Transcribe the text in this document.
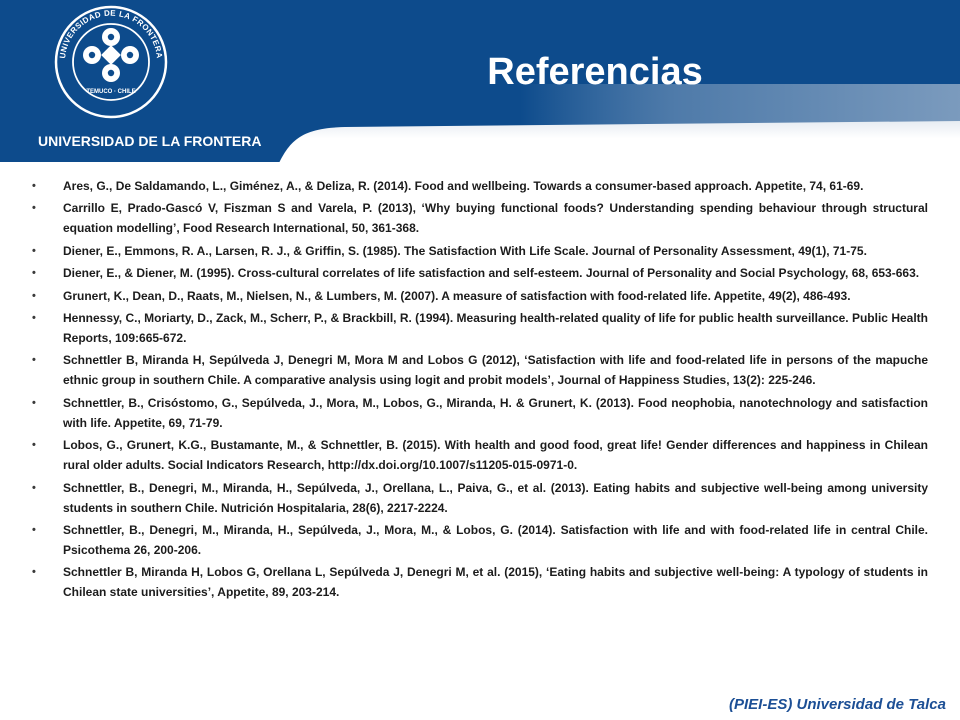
UNIVERSIDAD DE LA FRONTERA
TEMUCO · CHILE	Referencias
UNIVERSIDAD DE LA FRONTERA
•
Ares, G., De Saldamando, L., Giménez, A., & Deliza, R. (2014). Food and wellbeing. Towards a consumer-based approach. Appetite, 74, 61-69.
•
Carrillo E, Prado-Gascó V, Fiszman S and Varela, P. (2013), ‘Why buying functional foods? Understanding spending behaviour through structural equation modelling’, Food Research International, 50, 361-368.
•
Diener, E., Emmons, R. A., Larsen, R. J., & Griffin, S. (1985). The Satisfaction With Life Scale. Journal of Personality Assessment, 49(1), 71-75.
•
Diener, E., & Diener, M. (1995). Cross-cultural correlates of life satisfaction and self-esteem. Journal of Personality and Social Psychology, 68, 653-663.
•
Grunert, K., Dean, D., Raats, M., Nielsen, N., & Lumbers, M. (2007). A measure of satisfaction with food-related life. Appetite, 49(2), 486-493.
•
Hennessy, C., Moriarty, D., Zack, M., Scherr, P., & Brackbill, R. (1994). Measuring health-related quality of life for public health surveillance. Public Health Reports, 109:665-672.
•
Schnettler B, Miranda H, Sepúlveda J, Denegri M, Mora M and Lobos G (2012), ‘Satisfaction with life and food-related life in persons of the mapuche ethnic group in southern Chile. A comparative analysis using logit and probit models’, Journal of Happiness Studies, 13(2): 225-246.
•
Schnettler, B., Crisóstomo, G., Sepúlveda, J., Mora, M., Lobos, G., Miranda, H. & Grunert, K. (2013). Food neophobia, nanotechnology and satisfaction with life. Appetite, 69, 71-79.
•
Lobos, G., Grunert, K.G., Bustamante, M., & Schnettler, B. (2015). With health and good food, great life! Gender differences and happiness in Chilean rural older adults. Social Indicators Research, http://dx.doi.org/10.1007/s11205-015-0971-0.
•
Schnettler, B., Denegri, M., Miranda, H., Sepúlveda, J., Orellana, L., Paiva, G., et al. (2013). Eating habits and subjective well-being among university students in southern Chile. Nutrición Hospitalaria, 28(6), 2217-2224.
•
Schnettler, B., Denegri, M., Miranda, H., Sepúlveda, J., Mora, M., & Lobos, G. (2014). Satisfaction with life and with food-related life in central Chile. Psicothema 26, 200-206.
•
Schnettler B, Miranda H, Lobos G, Orellana L, Sepúlveda J, Denegri M, et al. (2015), ‘Eating habits and subjective well-being: A typology of students in Chilean state universities’, Appetite, 89, 203-214.
(PIEI-ES) Universidad de Talca
